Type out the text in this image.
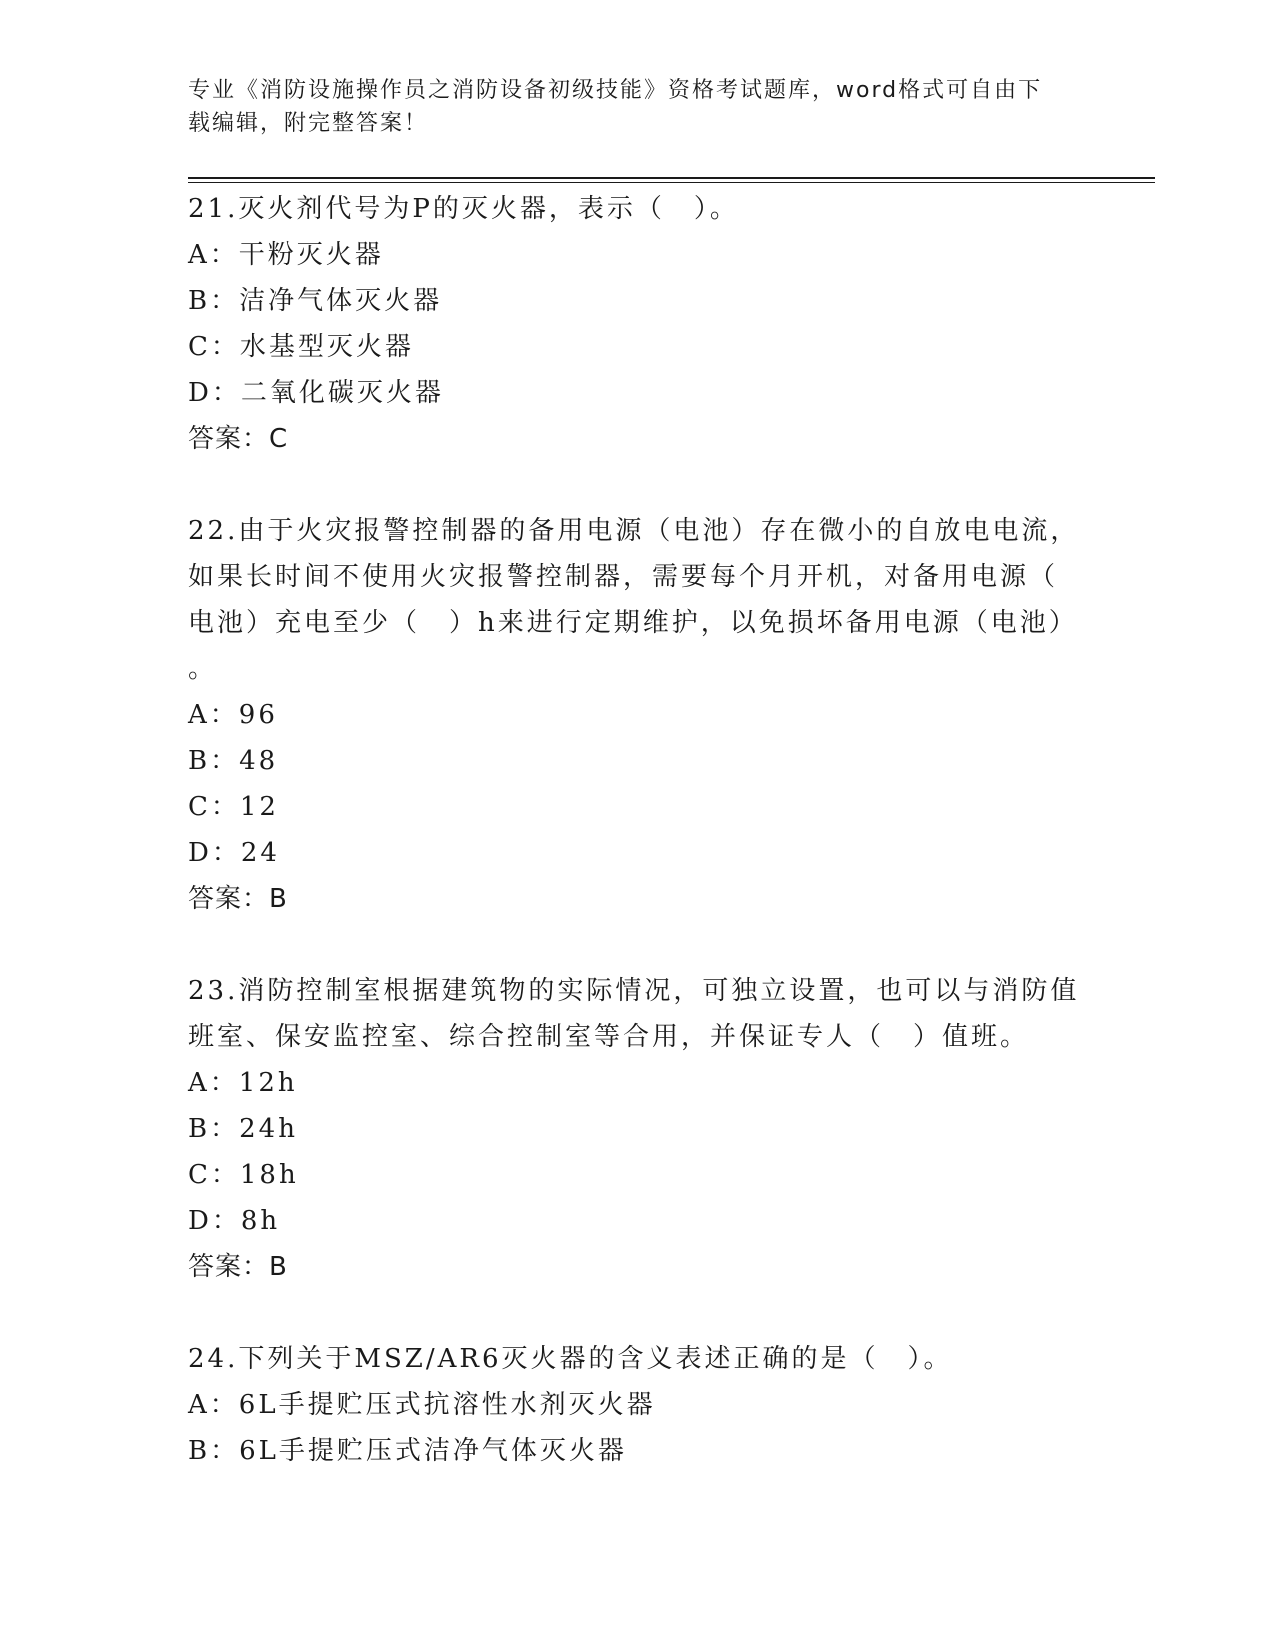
专业《消防设施操作员之消防设备初级技能》资格考试题库，word格式可自由下
载编辑，附完整答案！
21.灭火剂代号为P的灭火器，表示（　）。
A：干粉灭火器
B：洁净气体灭火器
C：水基型灭火器
D：二氧化碳灭火器
答案：C
22.由于火灾报警控制器的备用电源（电池）存在微小的自放电电流，
如果长时间不使用火灾报警控制器，需要每个月开机，对备用电源（
电池）充电至少（　）h来进行定期维护，以免损坏备用电源（电池）
。
A：96
B：48
C：12
D：24
答案：B
23.消防控制室根据建筑物的实际情况，可独立设置，也可以与消防值
班室、保安监控室、综合控制室等合用，并保证专人（　）值班。
A：12h
B：24h
C：18h
D：8h
答案：B
24.下列关于MSZ/AR6灭火器的含义表述正确的是（　）。
A：6L手提贮压式抗溶性水剂灭火器
B：6L手提贮压式洁净气体灭火器
